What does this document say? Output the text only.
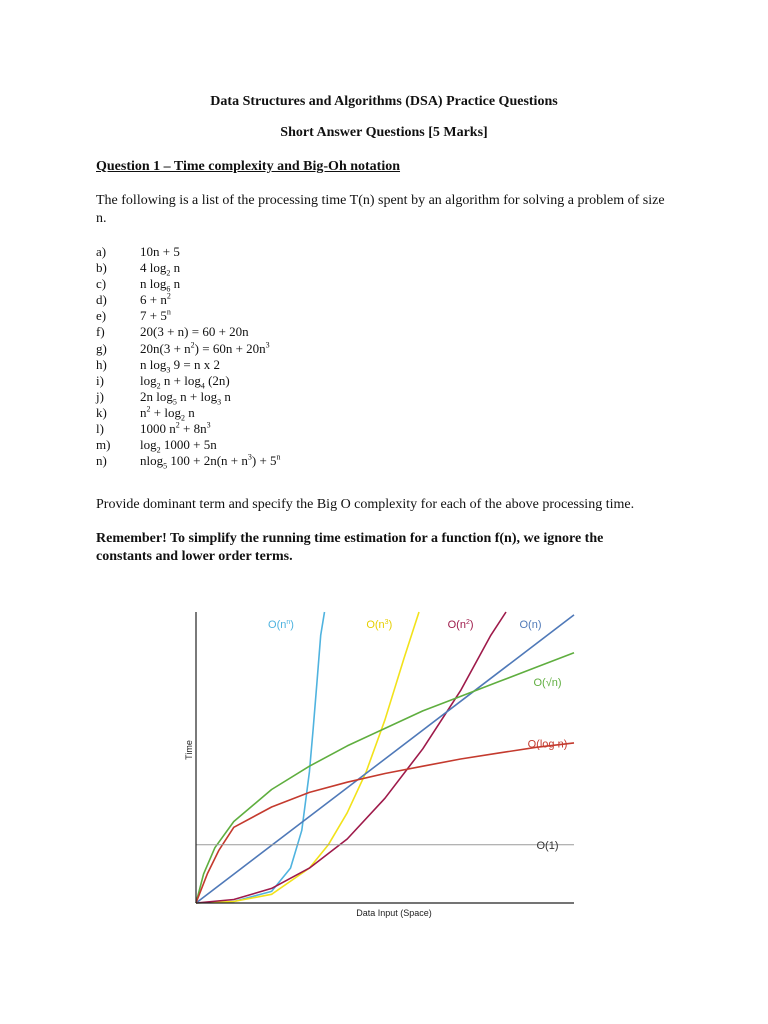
Data Structures and Algorithms (DSA) Practice Questions
Short Answer Questions [5 Marks]
Question 1 – Time complexity and Big-Oh notation
The following is a list of the processing time T(n) spent by an algorithm for solving a problem of size n.
a)	10n + 5
b)	4 $\log_2 n$
c)	n $\log_6 n$
d)	$6 + n^2$
e)	$7 + 5^n$
f)	20(3 + n) = 60 + 20n
g)	$20n(3 + n^2) = 60n + 20n^3$
h)	n $\log_3 9 = n$ x 2
i)	$\log_2 n + \log_4 (2n)$
j)	2n $\log_5 n + \log_3 n$
k)	$n^2 + \log_2 n$
l)	1000 $n^2 + 8n^3$
m)	$\log_2 1000 + 5n$
n)	nlog$_5$ $100 + 2n(n + n^3) + 5^n$
Provide dominant term and specify the Big O complexity for each of the above processing time.
Remember! To simplify the running time estimation for a function f(n), we ignore the constants and lower order terms.
Time
Data Input (Space)
$O(n^n)$	$O(n^3)$	$O(n^2)$	O(n)
O(√n)
O(log n)
O(1)
